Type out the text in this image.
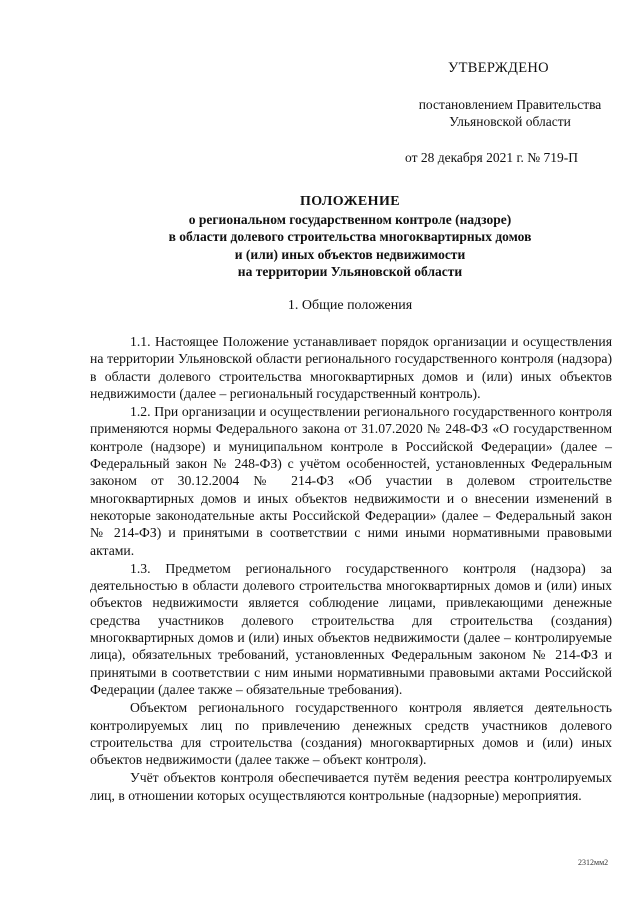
УТВЕРЖДЕНО
постановлением Правительства
Ульяновской области
от 28 декабря 2021 г. № 719-П
ПОЛОЖЕНИЕ
о региональном государственном контроле (надзоре)
в области долевого строительства многоквартирных домов
и (или) иных объектов недвижимости
на территории Ульяновской области
1. Общие положения

1.1. Настоящее Положение устанавливает порядок организации и осуществления на территории Ульяновской области регионального государственного контроля (надзора) в области долевого строительства многоквартирных домов и (или) иных объектов недвижимости (далее – региональный государственный контроль).

1.2. При организации и осуществлении регионального государственного контроля применяются нормы Федерального закона от 31.07.2020 № 248-ФЗ «О государственном контроле (надзоре) и муниципальном контроле в Российской Федерации» (далее – Федеральный закон № 248-ФЗ) с учётом особенностей, установленных Федеральным законом от 30.12.2004 № 214-ФЗ «Об участии в долевом строительстве многоквартирных домов и иных объектов недвижимости и о внесении изменений в некоторые законодательные акты Российской Федерации» (далее – Федеральный закон № 214-ФЗ) и принятыми в соответствии с ними иными нормативными правовыми актами.

1.3. Предметом регионального государственного контроля (надзора) за деятельностью в области долевого строительства многоквартирных домов и (или) иных объектов недвижимости является соблюдение лицами, привлекающими денежные средства участников долевого строительства для строительства (создания) многоквартирных домов и (или) иных объектов недвижимости (далее – контролируемые лица), обязательных требований, установленных Федеральным законом № 214-ФЗ и принятыми в соответствии с ним иными нормативными правовыми актами Российской Федерации (далее также – обязательные требования).

Объектом регионального государственного контроля является деятельность контролируемых лиц по привлечению денежных средств участников долевого строительства для строительства (создания) многоквартирных домов и (или) иных объектов недвижимости (далее также – объект контроля).

Учёт объектов контроля обеспечивается путём ведения реестра контролируемых лиц, в отношении которых осуществляются контрольные (надзорные) мероприятия.

2312мм2
